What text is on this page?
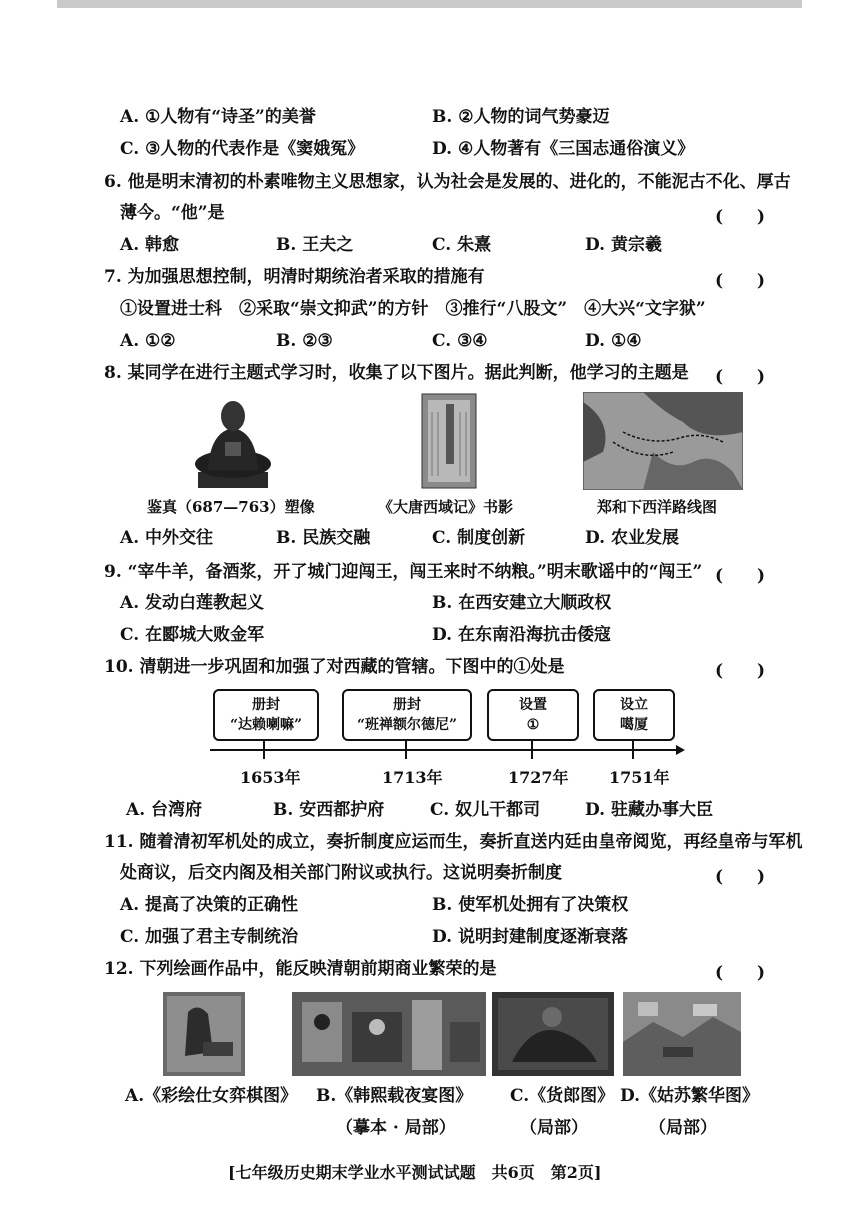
A. ①人物有“诗圣”的美誉	B. ②人物的词气势豪迈
C. ③人物的代表作是《窦娥冤》	D. ④人物著有《三国志通俗演义》
6. 他是明末清初的朴素唯物主义思想家，认为社会是发展的、进化的，不能泥古不化、厚古
薄今。“他”是	(　　)
A. 韩愈	B. 王夫之	C. 朱熹	D. 黄宗羲
7. 为加强思想控制，明清时期统治者采取的措施有	(　　)
①设置进士科　②采取“崇文抑武”的方针　③推行“八股文”　④大兴“文字狱”
A. ①②	B. ②③	C. ③④	D. ①④
8. 某同学在进行主题式学习时，收集了以下图片。据此判断，他学习的主题是 (　　)
鉴真（687—763）塑像	《大唐西域记》书影	郑和下西洋路线图
A. 中外交往	B. 民族交融	C. 制度创新	D. 农业发展
9. “宰牛羊，备酒浆，开了城门迎闯王，闯王来时不纳粮。”明末歌谣中的“闯王” (　　)
A. 发动白莲教起义	B. 在西安建立大顺政权
C. 在郾城大败金军	D. 在东南沿海抗击倭寇
10. 清朝进一步巩固和加强了对西藏的管辖。下图中的①处是	(　　)
册封
“达赖喇嘛”
1653年
册封
“班禅额尔德尼”
1713年
设置
①
1727年
设立
噶厦
1751年
A. 台湾府	B. 安西都护府	C. 奴儿干都司	D. 驻藏办事大臣
11. 随着清初军机处的成立，奏折制度应运而生，奏折直送内廷由皇帝阅览，再经皇帝与军机
处商议，后交内阁及相关部门附议或执行。这说明奏折制度	(　　)
A. 提高了决策的正确性	B. 使军机处拥有了决策权
C. 加强了君主专制统治	D. 说明封建制度逐渐衰落
12. 下列绘画作品中，能反映清朝前期商业繁荣的是	(　　)
A.《彩绘仕女弈棋图》 B.《韩熙载夜宴图》 C.《货郎图》 D.《姑苏繁华图》
（摹本 · 局部）	（局部）	（局部）
[七年级历史期末学业水平测试试题　共6页　第2页]
